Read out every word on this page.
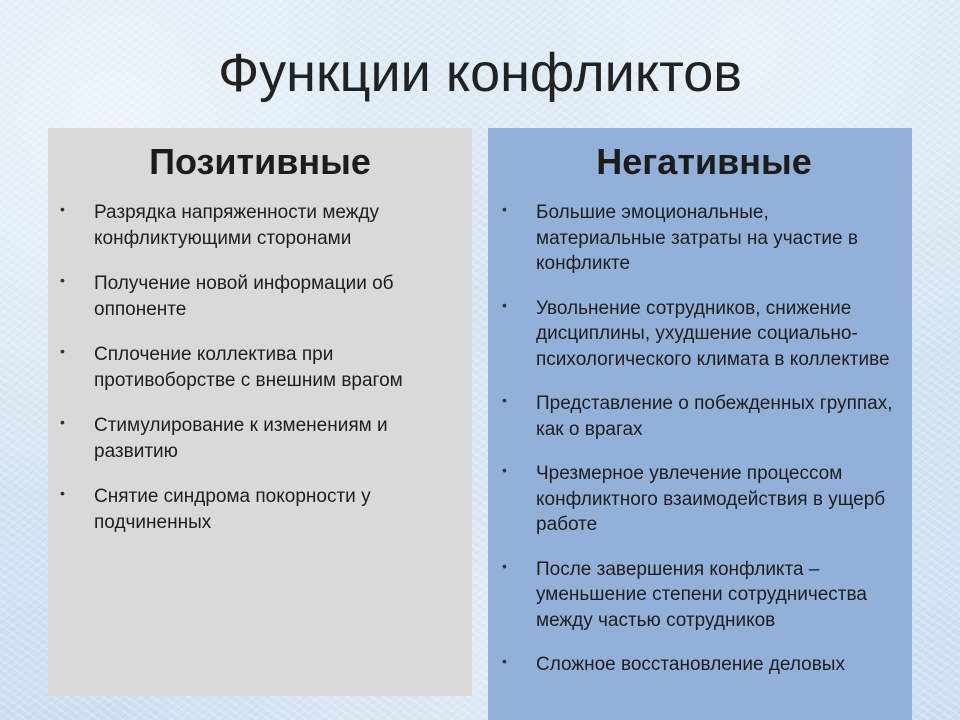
Функции конфликтов
Позитивные
• Разрядка напряженности между конфликтующими сторонами
• Получение новой информации об оппоненте
• Сплочение коллектива при противоборстве с внешним врагом
• Стимулирование к изменениям и развитию
• Снятие синдрома покорности у подчиненных
Негативные
• Большие эмоциональные, материальные затраты на участие в конфликте
• Увольнение сотрудников, снижение дисциплины, ухудшение социально-психологического климата в коллективе
• Представление о побежденных группах, как о врагах
• Чрезмерное увлечение процессом конфликтного взаимодействия в ущерб работе
• После завершения конфликта – уменьшение степени сотрудничества между частью сотрудников
• Сложное восстановление деловых
